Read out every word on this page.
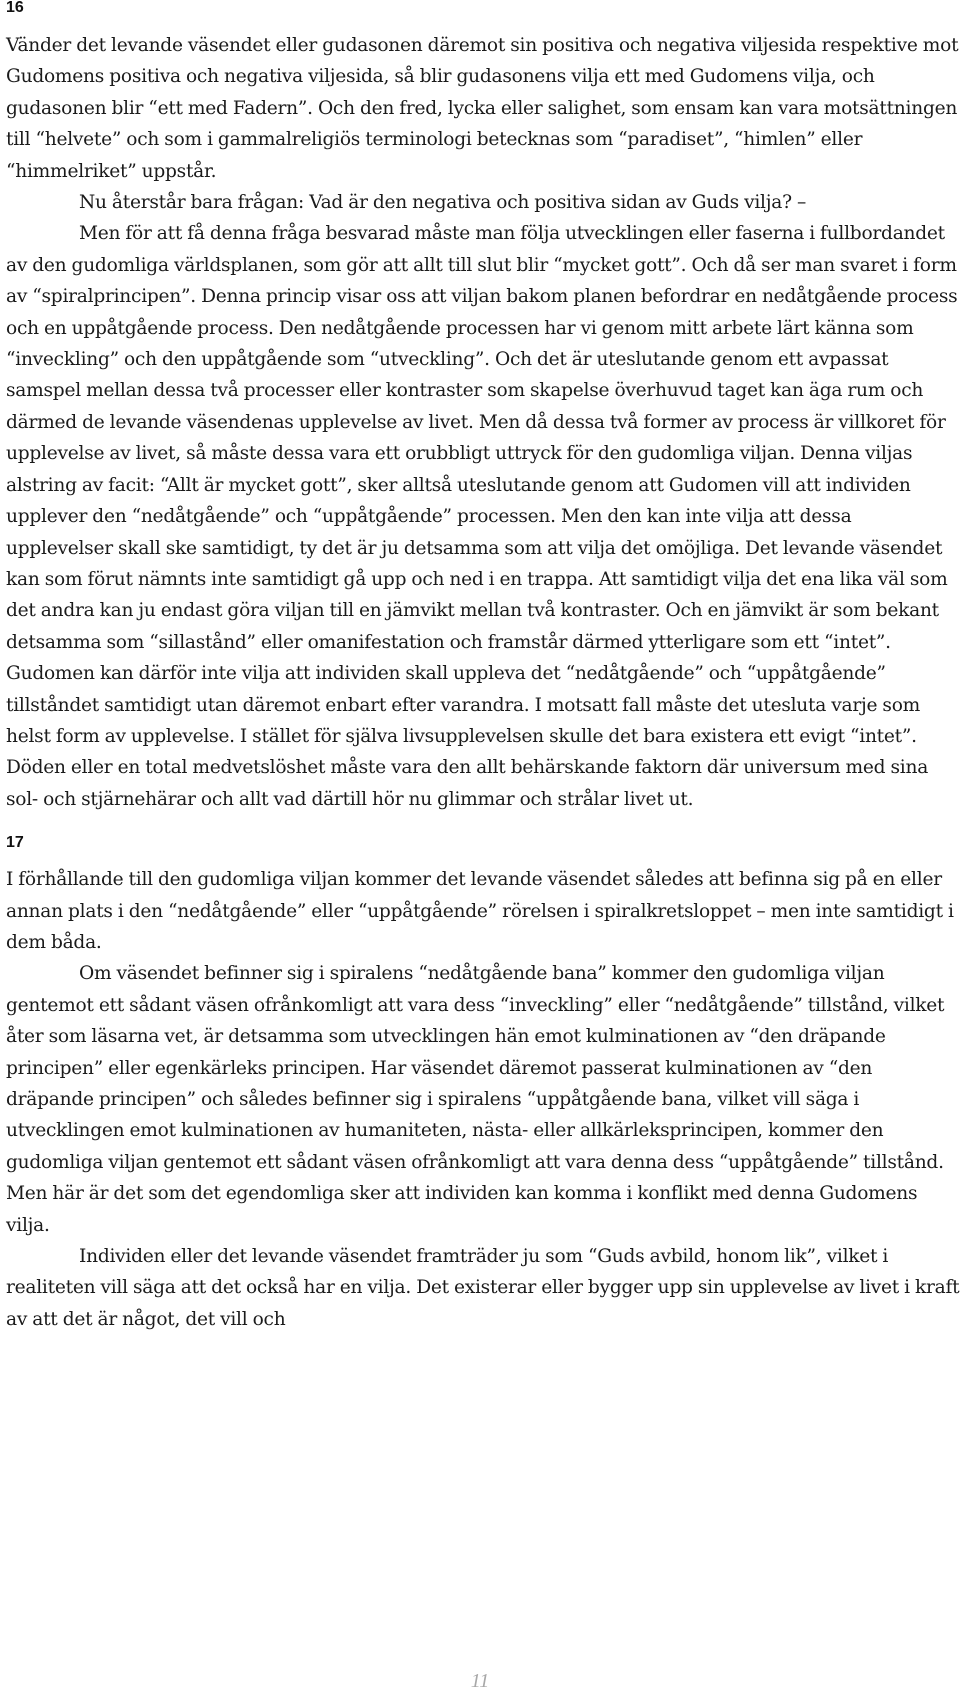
16

Vänder det levande väsendet eller gudasonen däremot sin positiva och negativa viljesida respektive mot Gudomens positiva och negativa viljesida, så blir gudasonens vilja ett med Gudomens vilja, och gudasonen blir “ett med Fadern”. Och den fred, lycka eller salighet, som ensam kan vara motsättningen till “helvete” och som i gammalreligiös terminologi betecknas som “paradiset”, “himlen” eller “himmelriket” uppstår.

Nu återstår bara frågan: Vad är den negativa och positiva sidan av Guds vilja? –

Men för att få denna fråga besvarad måste man följa utvecklingen eller faserna i fullbordandet av den gudomliga världsplanen, som gör att allt till slut blir “mycket gott”. Och då ser man svaret i form av “spiralprincipen”. Denna princip visar oss att viljan bakom planen befordrar en nedåtgående process och en uppåtgående process. Den nedåtgående processen har vi genom mitt arbete lärt känna som “inveckling” och den uppåtgående som “utveckling”. Och det är uteslutande genom ett avpassat samspel mellan dessa två processer eller kontraster som skapelse överhuvud taget kan äga rum och därmed de levande väsendenas upplevelse av livet. Men då dessa två former av process är villkoret för upplevelse av livet, så måste dessa vara ett orubbligt uttryck för den gudomliga viljan. Denna viljas alstring av facit: “Allt är mycket gott”, sker alltså uteslutande genom att Gudomen vill att individen upplever den “nedåtgående” och “uppåtgående” processen. Men den kan inte vilja att dessa upplevelser skall ske samtidigt, ty det är ju detsamma som att vilja det omöjliga. Det levande väsendet kan som förut nämnts inte samtidigt gå upp och ned i en trappa. Att samtidigt vilja det ena lika väl som det andra kan ju endast göra viljan till en jämvikt mellan två kontraster. Och en jämvikt är som bekant detsamma som “sillastånd” eller omanifestation och framstår därmed ytterligare som ett “intet”. Gudomen kan därför inte vilja att individen skall uppleva det “nedåtgående” och “uppåtgående” tillståndet samtidigt utan däremot enbart efter varandra. I motsatt fall måste det utesluta varje som helst form av upplevelse. I stället för själva livsupplevelsen skulle det bara existera ett evigt “intet”. Döden eller en total medvetslöshet måste vara den allt behärskande faktorn där universum med sina sol- och stjärnehärar och allt vad därtill hör nu glimmar och strålar livet ut.

17

I förhållande till den gudomliga viljan kommer det levande väsendet således att befinna sig på en eller annan plats i den “nedåtgående” eller “uppåtgående” rörelsen i spiralkretsloppet – men inte samtidigt i dem båda.

Om väsendet befinner sig i spiralens “nedåtgående bana” kommer den gudomliga viljan gentemot ett sådant väsen ofrånkomligt att vara dess “inveckling” eller “nedåtgående” tillstånd, vilket åter som läsarna vet, är detsamma som utvecklingen hän emot kulminationen av “den dräpande principen” eller egenkärleks principen. Har väsendet däremot passerat kulminationen av “den dräpande principen” och således befinner sig i spiralens “uppåtgående bana, vilket vill säga i utvecklingen emot kulminationen av humaniteten, nästa- eller allkärleksprincipen, kommer den gudomliga viljan gentemot ett sådant väsen ofrånkomligt att vara denna dess “uppåtgående” tillstånd. Men här är det som det egendomliga sker att individen kan komma i konflikt med denna Gudomens vilja.

Individen eller det levande väsendet framträder ju som “Guds avbild, honom lik”, vilket i realiteten vill säga att det också har en vilja. Det existerar eller bygger upp sin upplevelse av livet i kraft av att det är något, det vill och

11
